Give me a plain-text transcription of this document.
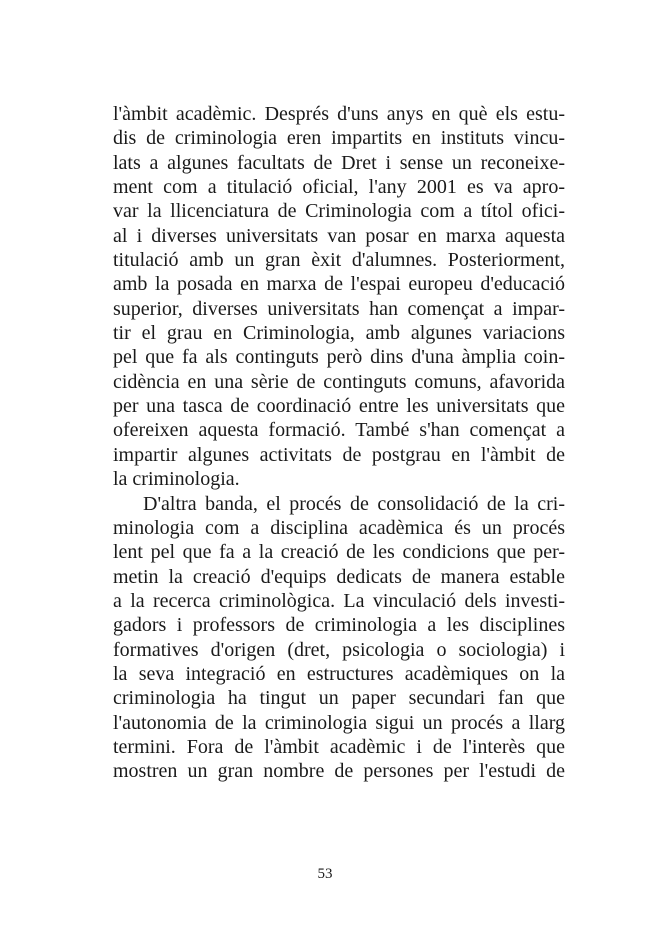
l'àmbit acadèmic. Després d'uns anys en què els estu-
dis de criminologia eren impartits en instituts vincu-
lats a algunes facultats de Dret i sense un reconeixe-
ment com a titulació oficial, l'any 2001 es va apro-
var la llicenciatura de Criminologia com a títol ofici-
al i diverses universitats van posar en marxa aquesta
titulació amb un gran èxit d'alumnes. Posteriorment,
amb la posada en marxa de l'espai europeu d'educació
superior, diverses universitats han començat a impar-
tir el grau en Criminologia, amb algunes variacions
pel que fa als continguts però dins d'una àmplia coin-
cidència en una sèrie de continguts comuns, afavorida
per una tasca de coordinació entre les universitats que
ofereixen aquesta formació. També s'han començat a
impartir algunes activitats de postgrau en l'àmbit de
la criminologia.
D'altra banda, el procés de consolidació de la cri-
minologia com a disciplina acadèmica és un procés
lent pel que fa a la creació de les condicions que per-
metin la creació d'equips dedicats de manera estable
a la recerca criminològica. La vinculació dels investi-
gadors i professors de criminologia a les disciplines
formatives d'origen (dret, psicologia o sociologia) i
la seva integració en estructures acadèmiques on la
criminologia ha tingut un paper secundari fan que
l'autonomia de la criminologia sigui un procés a llarg
termini. Fora de l'àmbit acadèmic i de l'interès que
mostren un gran nombre de persones per l'estudi de
53
